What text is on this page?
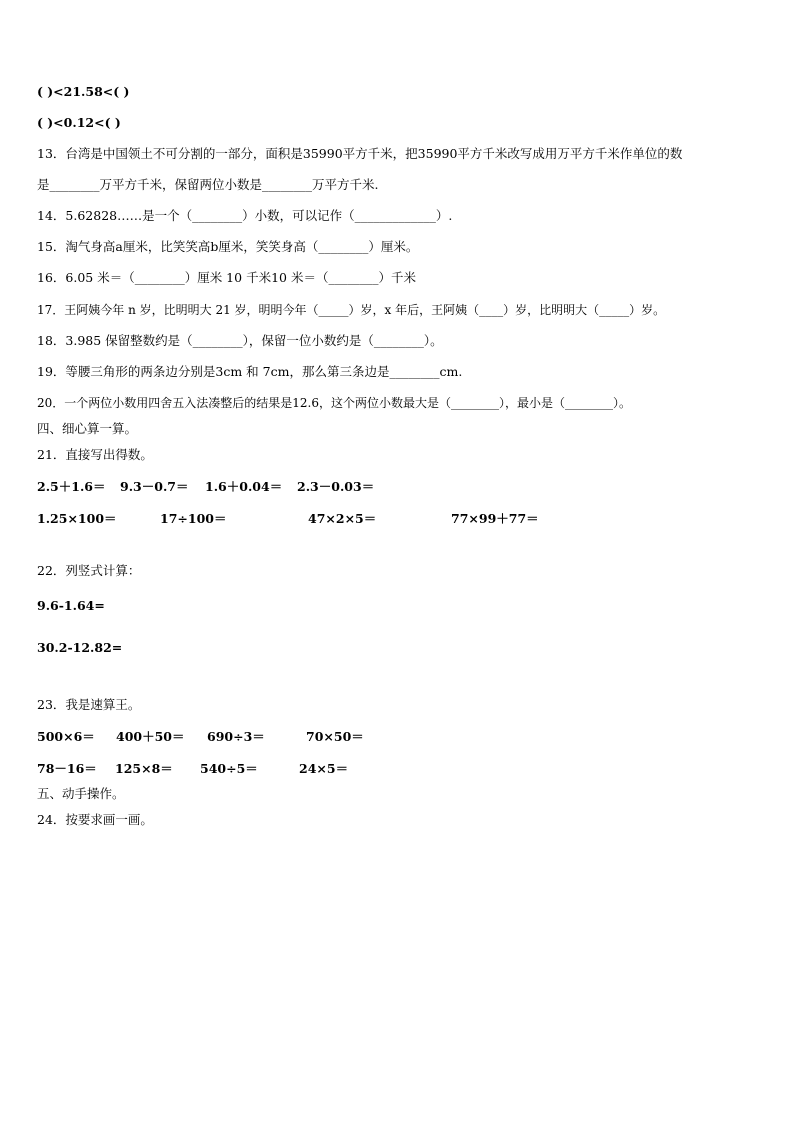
( )<21.58<( )
( )<0.12<( )
13．台湾是中国领土不可分割的一部分，面积是35990平方千米，把35990平方千米改写成用万平方千米作单位的数
是________万平方千米，保留两位小数是________万平方千米.
14．5.62828……是一个（________）小数，可以记作（_____________）.
15．淘气身高a厘米，比笑笑高b厘米，笑笑身高（________）厘米。
16．6.05 米＝（________）厘米 10 千米10 米＝（________）千米
17．王阿姨今年 n 岁，比明明大 21 岁，明明今年（_____）岁，x 年后，王阿姨（____）岁，比明明大（_____）岁。
18．3.985 保留整数约是（________），保留一位小数约是（________）。
19．等腰三角形的两条边分别是3cm 和 7cm，那么第三条边是________cm.
20．一个两位小数用四舍五入法凑整后的结果是12.6，这个两位小数最大是（________），最小是（________）。
四、细心算一算。
21．直接写出得数。
2.5＋1.6＝ 9.3－0.7＝ 1.6＋0.04＝ 2.3－0.03＝
1.25×100＝	17÷100＝	47×2×5＝	77×99＋77＝
22．列竖式计算：
9.6-1.64=
30.2-12.82=
23．我是速算王。
500×6＝ 400＋50＝ 690÷3＝	70×50＝
78－16＝ 125×8＝ 540÷5＝	24×5＝
五、动手操作。
24．按要求画一画。
